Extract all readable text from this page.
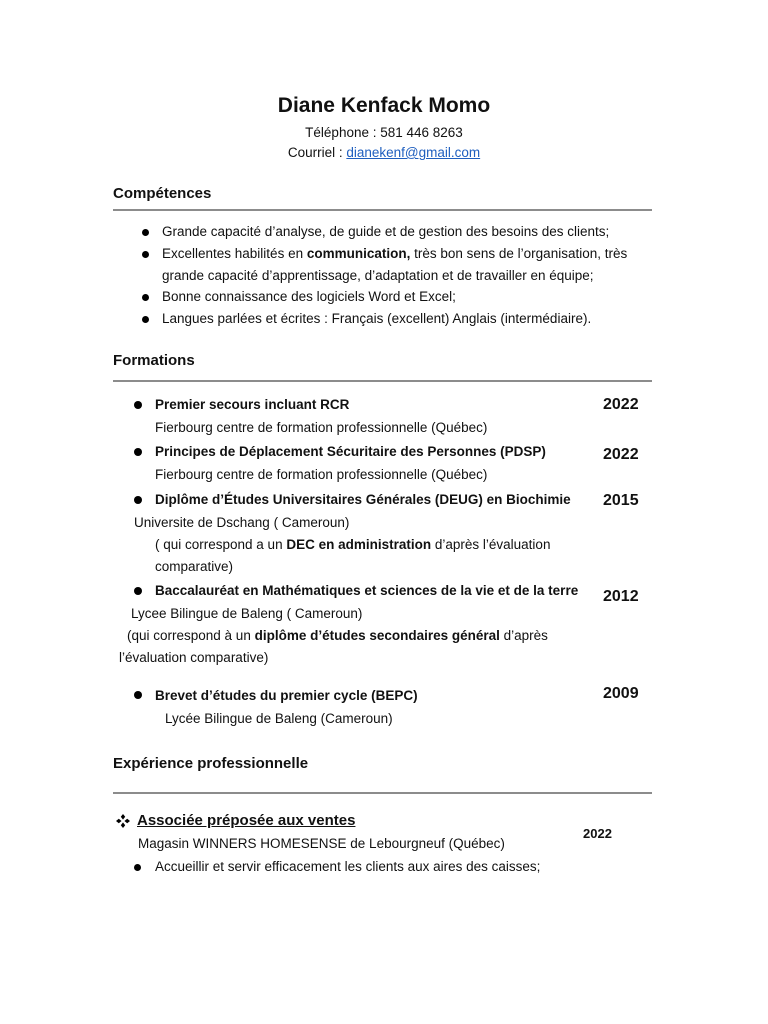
Diane Kenfack Momo
Téléphone : 581 446 8263
Courriel : dianekenf@gmail.com
Compétences
Grande capacité d’analyse, de guide et de gestion des besoins des clients;
Excellentes habilités en communication, très bon sens de l’organisation, très
grande capacité d’apprentissage, d’adaptation et de travailler en équipe;
Bonne connaissance des logiciels Word et Excel;
Langues parlées et écrites : Français (excellent) Anglais (intermédiaire).
Formations
Premier secours incluant RCR
Fierbourg centre de formation professionnelle (Québec)
2022
Principes de Déplacement Sécuritaire des Personnes (PDSP)
Fierbourg centre de formation professionnelle (Québec)
2022
Diplôme d’Études Universitaires Générales (DEUG) en Biochimie
Universite de Dschang ( Cameroun)
( qui correspond a un DEC en administration d’après l’évaluation
comparative)
2015
Baccalauréat en Mathématiques et sciences de la vie et de la terre
Lycee Bilingue de Baleng ( Cameroun)
(qui correspond à un diplôme d’études secondaires général d’après
l’évaluation comparative)
2012
Brevet d’études du premier cycle (BEPC)
Lycée Bilingue de Baleng (Cameroun)
2009
Expérience professionnelle
Associée préposée aux ventes
2022
Magasin WINNERS HOMESENSE de Lebourgneuf (Québec)
Accueillir et servir efficacement les clients aux aires des caisses;
